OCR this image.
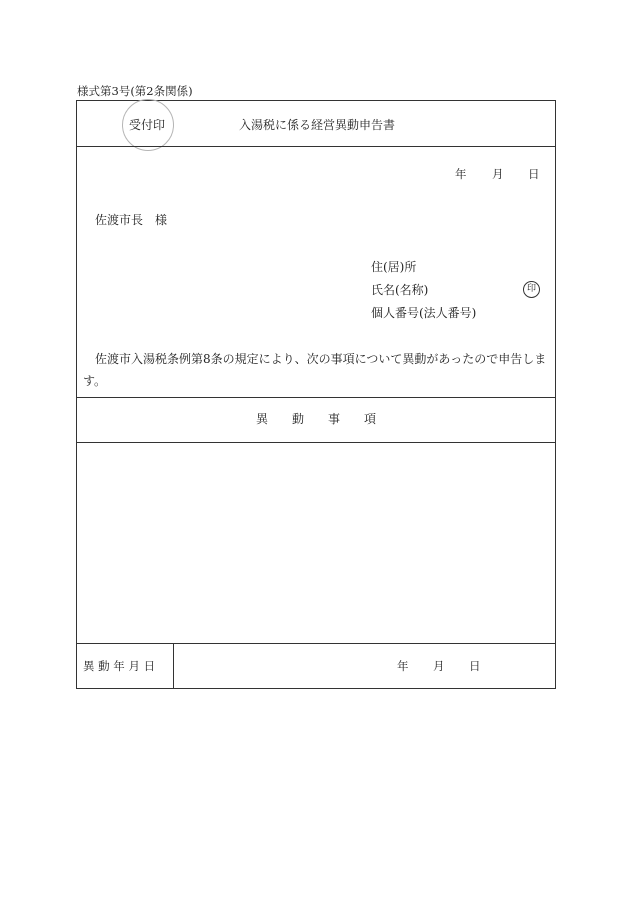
様式第3号(第2条関係)
受付印	入湯税に係る経営異動申告書
年 月 日
佐渡市長　様
住(居)所
氏名(名称)	印
個人番号(法人番号)
佐渡市入湯税条例第8条の規定により、次の事項について異動があったので申告します。
異　　動　　事　　項
異 動 年 月 日	年 月 日
